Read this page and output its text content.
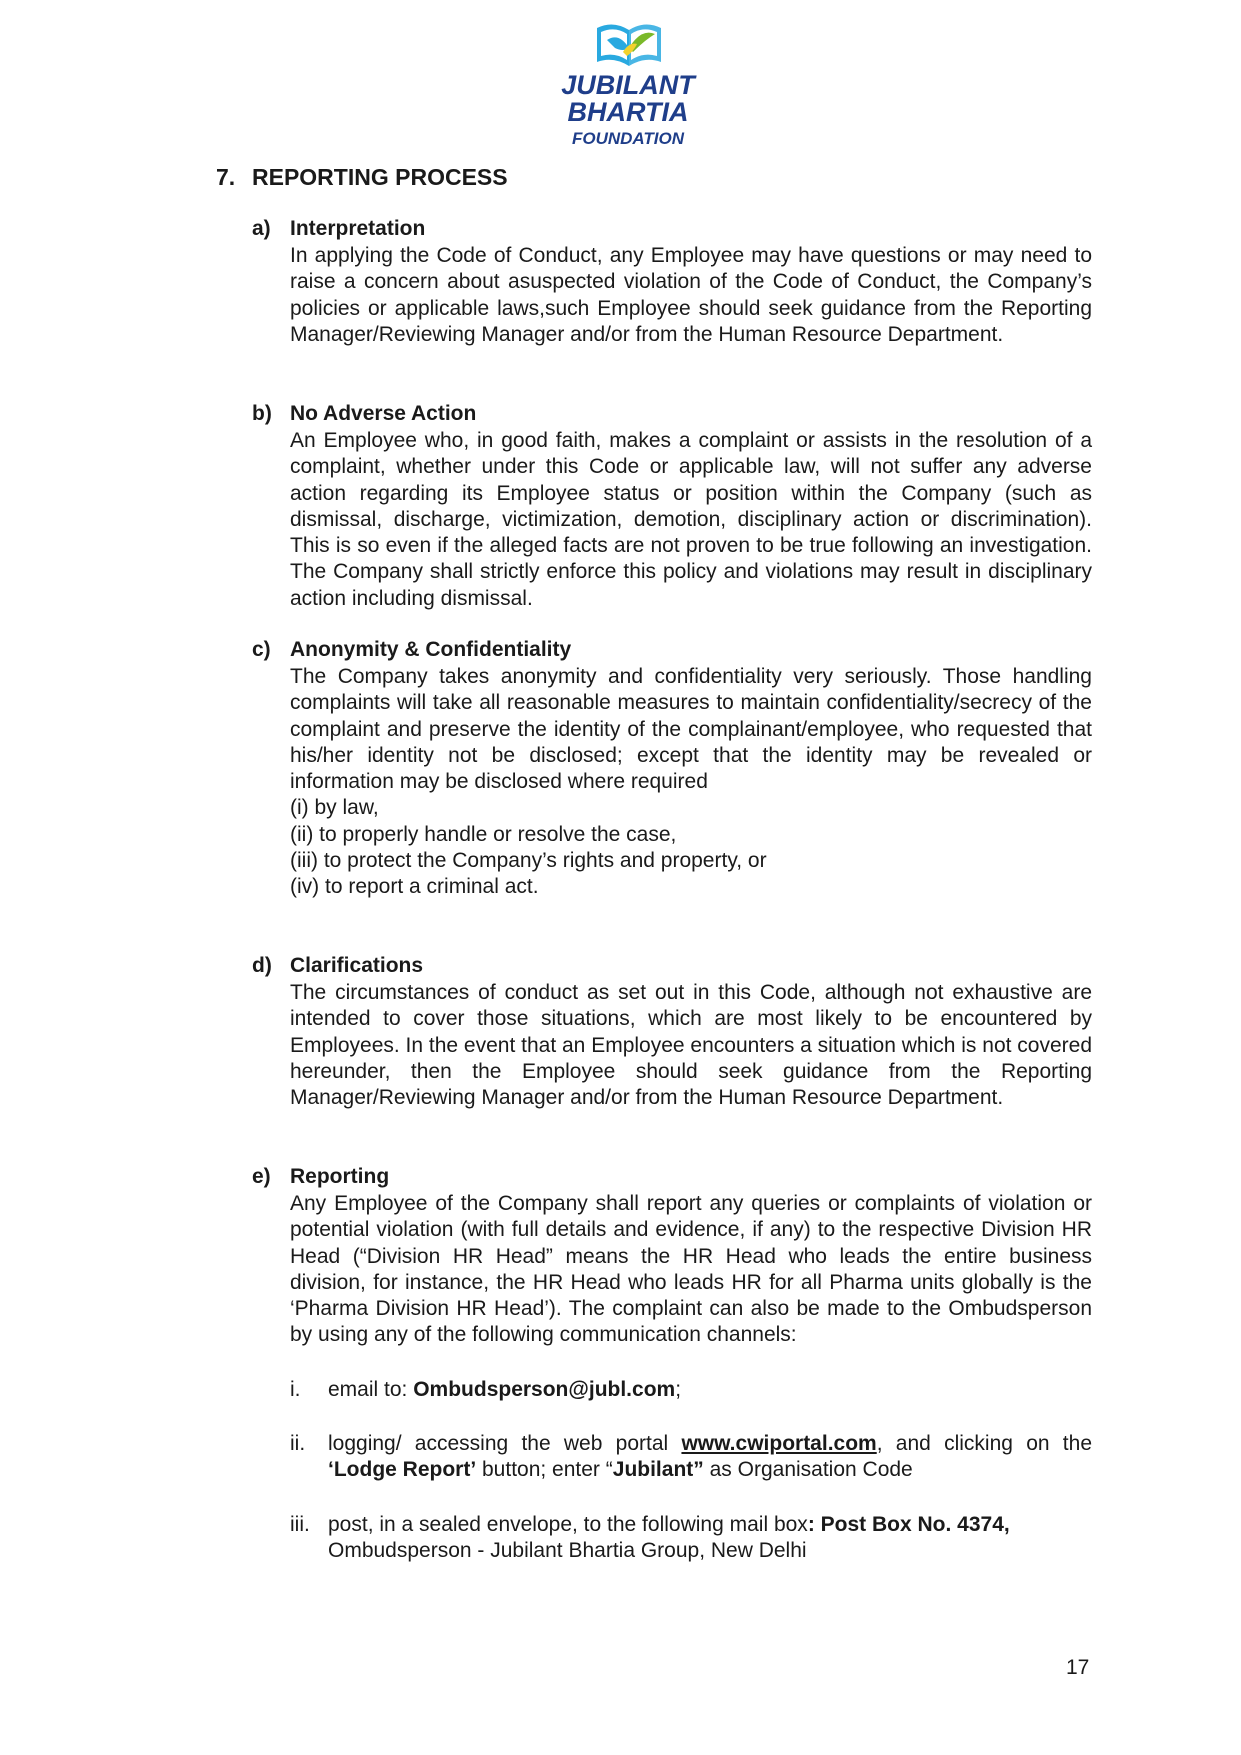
JUBILANT
BHARTIA
FOUNDATION
7. REPORTING PROCESS
a) Interpretation
In applying the Code of Conduct, any Employee may have questions or may need to raise a concern about asuspected violation of the Code of Conduct, the Company’s policies or applicable laws,such Employee should seek guidance from the Reporting Manager/Reviewing Manager and/or from the Human Resource Department.
b) No Adverse Action
An Employee who, in good faith, makes a complaint or assists in the resolution of a complaint, whether under this Code or applicable law, will not suffer any adverse action regarding its Employee status or position within the Company (such as dismissal, discharge, victimization, demotion, disciplinary action or discrimination). This is so even if the alleged facts are not proven to be true following an investigation. The Company shall strictly enforce this policy and violations may result in disciplinary action including dismissal.
c) Anonymity & Confidentiality
The Company takes anonymity and confidentiality very seriously. Those handling complaints will take all reasonable measures to maintain confidentiality/secrecy of the complaint and preserve the identity of the complainant/employee, who requested that his/her identity not be disclosed; except that the identity may be revealed or information may be disclosed where required
(i) by law,
(ii) to properly handle or resolve the case,
(iii) to protect the Company’s rights and property, or
(iv) to report a criminal act.
d) Clarifications
The circumstances of conduct as set out in this Code, although not exhaustive are intended to cover those situations, which are most likely to be encountered by Employees. In the event that an Employee encounters a situation which is not covered hereunder, then the Employee should seek guidance from the Reporting Manager/Reviewing Manager and/or from the Human Resource Department.
e) Reporting
Any Employee of the Company shall report any queries or complaints of violation or potential violation (with full details and evidence, if any) to the respective Division HR Head (“Division HR Head” means the HR Head who leads the entire business division, for instance, the HR Head who leads HR for all Pharma units globally is the ‘Pharma Division HR Head’). The complaint can also be made to the Ombudsperson by using any of the following communication channels:
i. email to: Ombudsperson@jubl.com;
ii. logging/ accessing the web portal www.cwiportal.com, and clicking on the ‘Lodge Report’ button; enter “Jubilant” as Organisation Code
iii. post, in a sealed envelope, to the following mail box: Post Box No. 4374,
Ombudsperson - Jubilant Bhartia Group, New Delhi
17
